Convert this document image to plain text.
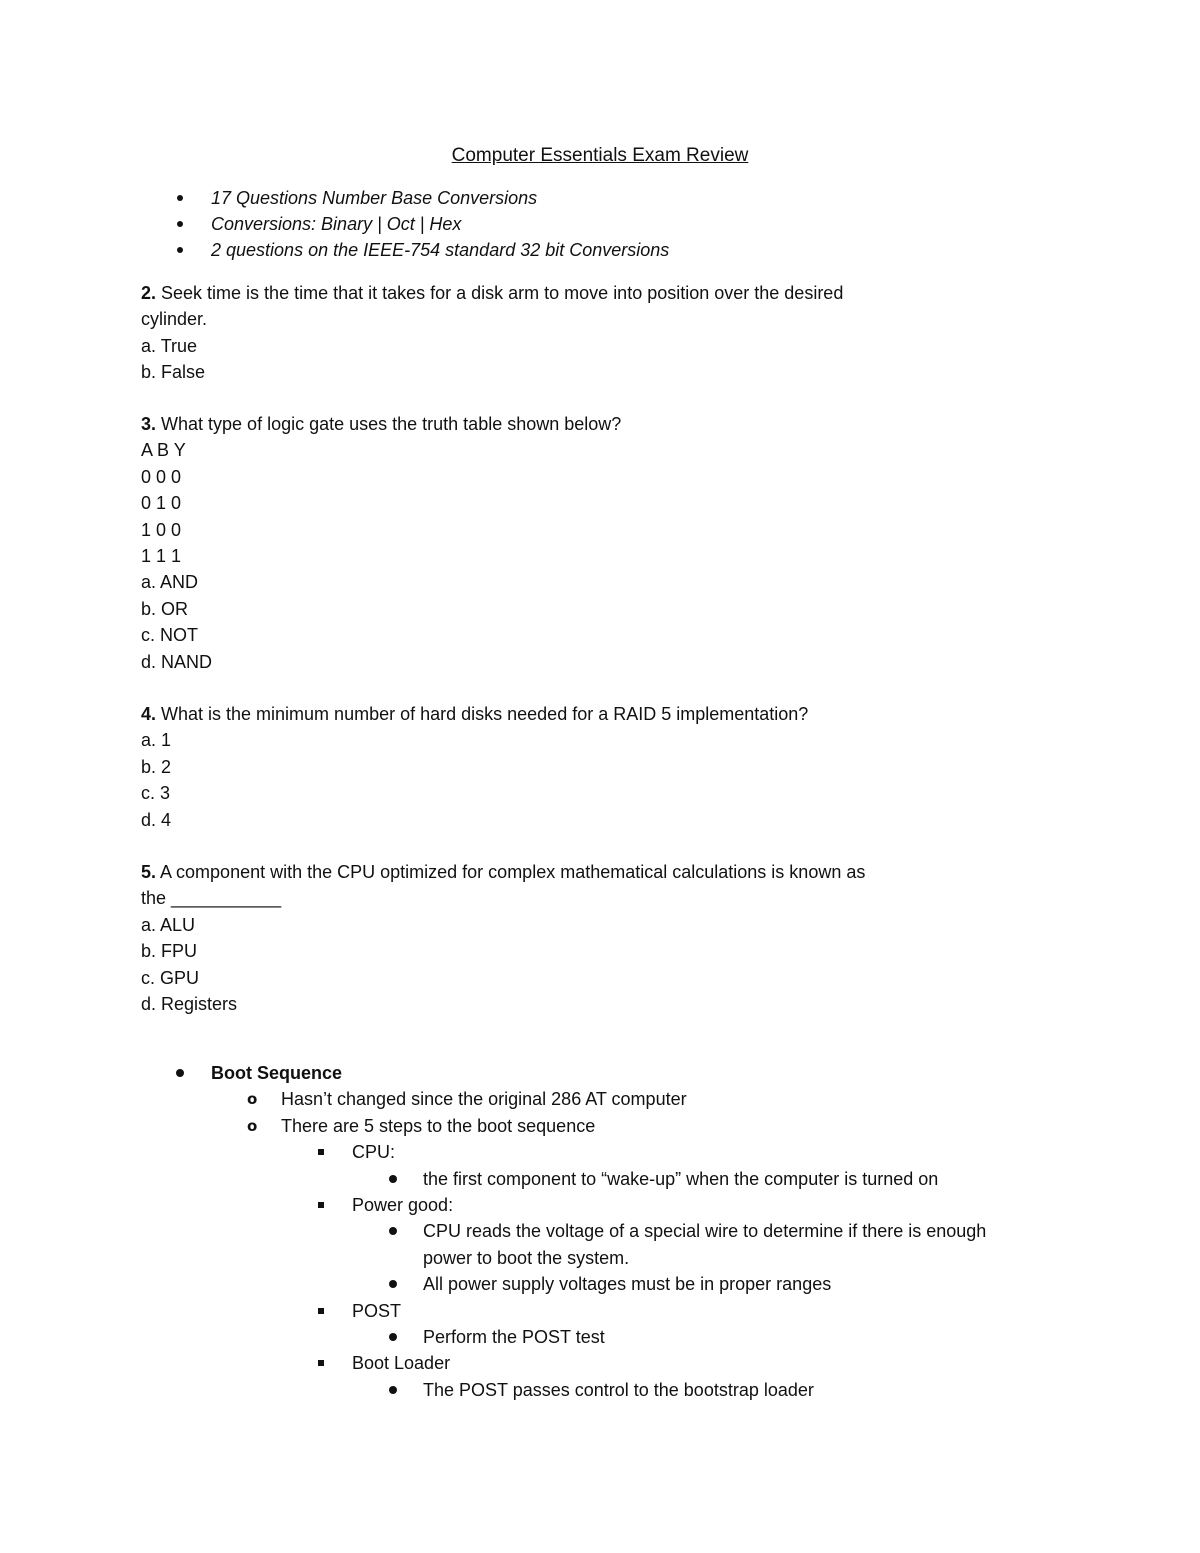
Computer Essentials Exam Review
17 Questions Number Base Conversions
Conversions: Binary | Oct | Hex
2 questions on the IEEE-754 standard 32 bit Conversions
2. Seek time is the time that it takes for a disk arm to move into position over the desired
cylinder.
a. True
b. False
3. What type of logic gate uses the truth table shown below?
A B Y
0 0 0
0 1 0
1 0 0
1 1 1
a. AND
b. OR
c. NOT
d. NAND
4. What is the minimum number of hard disks needed for a RAID 5 implementation?
a. 1
b. 2
c. 3
d. 4
5. A component with the CPU optimized for complex mathematical calculations is known as
the ___________
a. ALU
b. FPU
c. GPU
d. Registers
Boot Sequence
o Hasn’t changed since the original 286 AT computer
o There are 5 steps to the boot sequence
CPU:
the first component to “wake-up” when the computer is turned on
Power good:
CPU reads the voltage of a special wire to determine if there is enough
power to boot the system.
All power supply voltages must be in proper ranges
POST
Perform the POST test
Boot Loader
The POST passes control to the bootstrap loader
